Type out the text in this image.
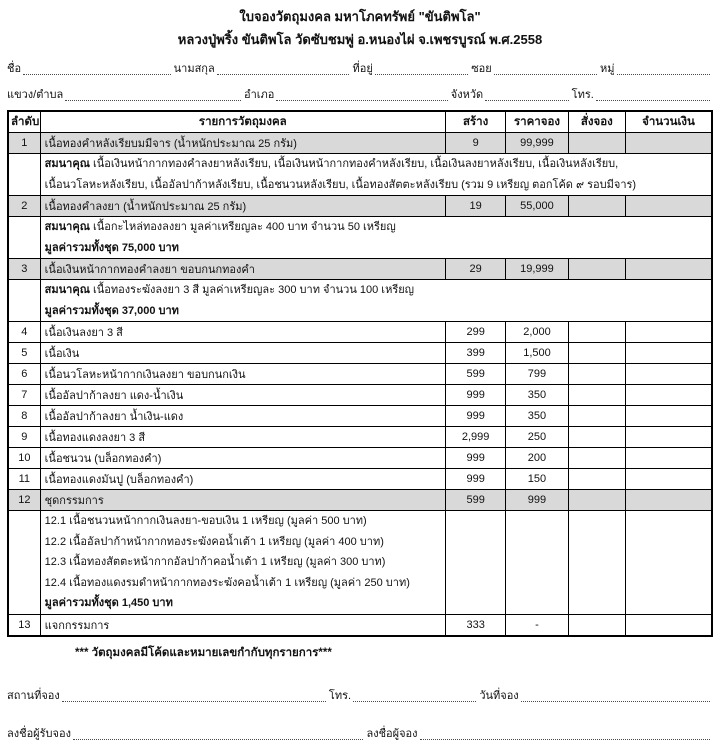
ใบจองวัตถุมงคล มหาโภคทรัพย์ "ขันติพโล"
หลวงปู่พริ้ง ขันติพโล วัดซับชมพู่ อ.หนองไผ่ จ.เพชรบูรณ์ พ.ศ.2558
ชื่อ	นามสกุล	ที่อยู่	ซอย	หมู่
แขวง/ตำบล	อำเภอ	จังหวัด	โทร.
ลำดับ	รายการวัตถุมงคล	สร้าง	ราคาจอง	สั่งจอง	จำนวนเงิน
1	เนื้อทองคำหลังเรียบมมีจาร (น้ำหนักประมาณ 25 กรัม)	9	99,999		

	สมนาคุณ เนื้อเงินหน้ากากทองคำลงยาหลังเรียบ, เนื้อเงินหน้ากากทองคำหลังเรียบ, เนื้อเงินลงยาหลังเรียบ, เนื้อเงินหลังเรียบ,
เนื้อนวโลหะหลังเรียบ, เนื้ออัลปาก้าหลังเรียบ, เนื้อชนวนหลังเรียบ, เนื้อทองสัตตะหลังเรียบ (รวม 9 เหรียญ ตอกโค้ด ๙ รอบมีจาร)				

2	เนื้อทองคำลงยา (น้ำหนักประมาณ 25 กรัม)	19	55,000		

	สมนาคุณ เนื้อกะไหล่ทองลงยา มูลค่าเหรียญละ 400 บาท จำนวน 50 เหรียญ
มูลค่ารวมทั้งชุด 75,000 บาท				

3	เนื้อเงินหน้ากากทองคำลงยา ขอบกนกทองคำ	29	19,999		

	สมนาคุณ เนื้อทองระฆังลงยา 3 สี มูลค่าเหรียญละ 300 บาท จำนวน 100 เหรียญ
มูลค่ารวมทั้งชุด 37,000 บาท				

4	เนื้อเงินลงยา 3 สี	299	2,000		
5	เนื้อเงิน	399	1,500		
6	เนื้อนวโลหะหน้ากากเงินลงยา ขอบกนกเงิน	599	799		
7	เนื้ออัลปาก้าลงยา แดง-น้ำเงิน	999	350		
8	เนื้ออัลปาก้าลงยา น้ำเงิน-แดง	999	350		
9	เนื้อทองแดงลงยา 3 สี	2,999	250		
10	เนื้อชนวน (บล็อกทองคำ)	999	200		
11	เนื้อทองแดงมันปู (บล็อกทองคำ)	999	150		
12	ชุดกรรมการ	599	999		

	12.1 เนื้อชนวนหน้ากากเงินลงยา-ขอบเงิน 1 เหรียญ (มูลค่า 500 บาท)
12.2 เนื้ออัลปาก้าหน้ากากทองระฆังคอน้ำเต้า 1 เหรียญ (มูลค่า 400 บาท)
12.3 เนื้อทองสัตตะหน้ากากอัลปาก้าคอน้ำเต้า 1 เหรียญ (มูลค่า 300 บาท)
12.4 เนื้อทองแดงรมดำหน้ากากทองระฆังคอน้ำเต้า 1 เหรียญ (มูลค่า 250 บาท)
มูลค่ารวมทั้งชุด 1,450 บาท				

13	แจกกรรมการ	333	-		
*** วัตถุมงคลมีโค้ดและหมายเลขกำกับทุกรายการ***
สถานที่จอง	โทร.	วันที่จอง
ลงชื่อผู้รับจอง	ลงชื่อผู้จอง
